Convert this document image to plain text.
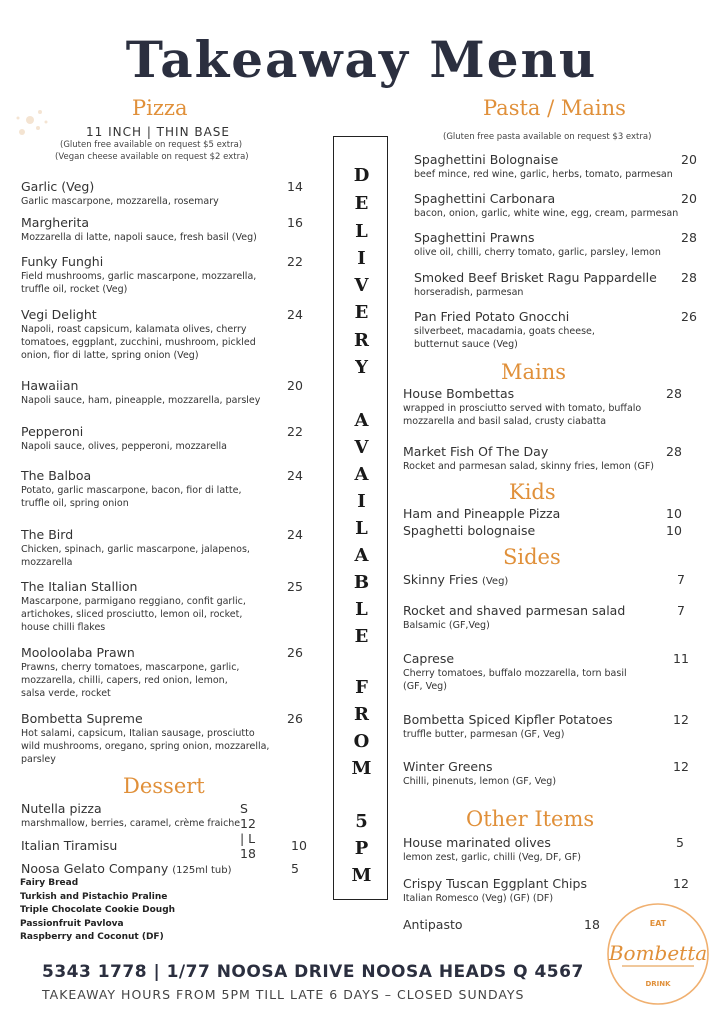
Takeaway Menu
Pizza
11 INCH | THIN BASE
(Gluten free available on request $5 extra)
(Vegan cheese available on request $2 extra)
Garlic (Veg)	14
Garlic mascarpone, mozzarella, rosemary
Margherita	16
Mozzarella di latte, napoli sauce, fresh basil (Veg)
Funky Funghi	22
Field mushrooms, garlic mascarpone, mozzarella,
truffle oil, rocket (Veg)
Vegi Delight	24
Napoli, roast capsicum, kalamata olives, cherry
tomatoes, eggplant, zucchini, mushroom, pickled
onion, fior di latte, spring onion (Veg)
Hawaiian	20
Napoli sauce, ham, pineapple, mozzarella, parsley
Pepperoni	22
Napoli sauce, olives, pepperoni, mozzarella
The Balboa	24
Potato, garlic mascarpone, bacon, fior di latte,
truffle oil, spring onion
The Bird	24
Chicken, spinach, garlic mascarpone, jalapenos,
mozzarella
The Italian Stallion	25
Mascarpone, parmigano reggiano, confit garlic,
artichokes, sliced prosciutto, lemon oil, rocket,
house chilli flakes
Mooloolaba Prawn	26
Prawns, cherry tomatoes, mascarpone, garlic,
mozzarella, chilli, capers, red onion, lemon,
salsa verde, rocket
Bombetta Supreme	26
Hot salami, capsicum, Italian sausage, prosciutto
wild mushrooms, oregano, spring onion, mozzarella,
parsley
Dessert
Nutella pizza	S 12 | L 18
marshmallow, berries, caramel, crème fraiche
Italian Tiramisu	10
Noosa Gelato Company (125ml tub)	5
Fairy Bread
Turkish and Pistachio Praline
Triple Chocolate Cookie Dough
Passionfruit Pavlova
Raspberry and Coconut (DF)
D
E
L
I
V
E
R
Y
A
V
A
I
L
A
B
L
E
F
R
O
M
5
P
M
Pasta / Mains
(Gluten free pasta available on request $3 extra)
Spaghettini Bolognaise	20
beef mince, red wine, garlic, herbs, tomato, parmesan
Spaghettini Carbonara	20
bacon, onion, garlic, white wine, egg, cream, parmesan
Spaghettini Prawns	28
olive oil, chilli, cherry tomato, garlic, parsley, lemon
Smoked Beef Brisket Ragu Pappardelle 28
horseradish, parmesan
Pan Fried Potato Gnocchi	26
silverbeet, macadamia, goats cheese,
butternut sauce (Veg)
Mains
House Bombettas	28
wrapped in prosciutto served with tomato, buffalo
mozzarella and basil salad, crusty ciabatta
Market Fish Of The Day	28
Rocket and parmesan salad, skinny fries, lemon (GF)
Kids
Ham and Pineapple Pizza	10
Spaghetti bolognaise	10
Sides
Skinny Fries (Veg)	7
Rocket and shaved parmesan salad	7
Balsamic (GF,Veg)
Caprese	11
Cherry tomatoes, buffalo mozzarella, torn basil
(GF, Veg)
Bombetta Spiced Kipfler Potatoes	12
truffle butter, parmesan (GF, Veg)
Winter Greens	12
Chilli, pinenuts, lemon (GF, Veg)
Other Items
House marinated olives	5
lemon zest, garlic, chilli (Veg, DF, GF)
Crispy Tuscan Eggplant Chips	12
Italian Romesco (Veg) (GF) (DF)
Antipasto	18	EAT
Bombetta
DRINK
5343 1778 | 1/77 NOOSA DRIVE NOOSA HEADS Q 4567
TAKEAWAY HOURS FROM 5PM TILL LATE 6 DAYS – CLOSED SUNDAYS
